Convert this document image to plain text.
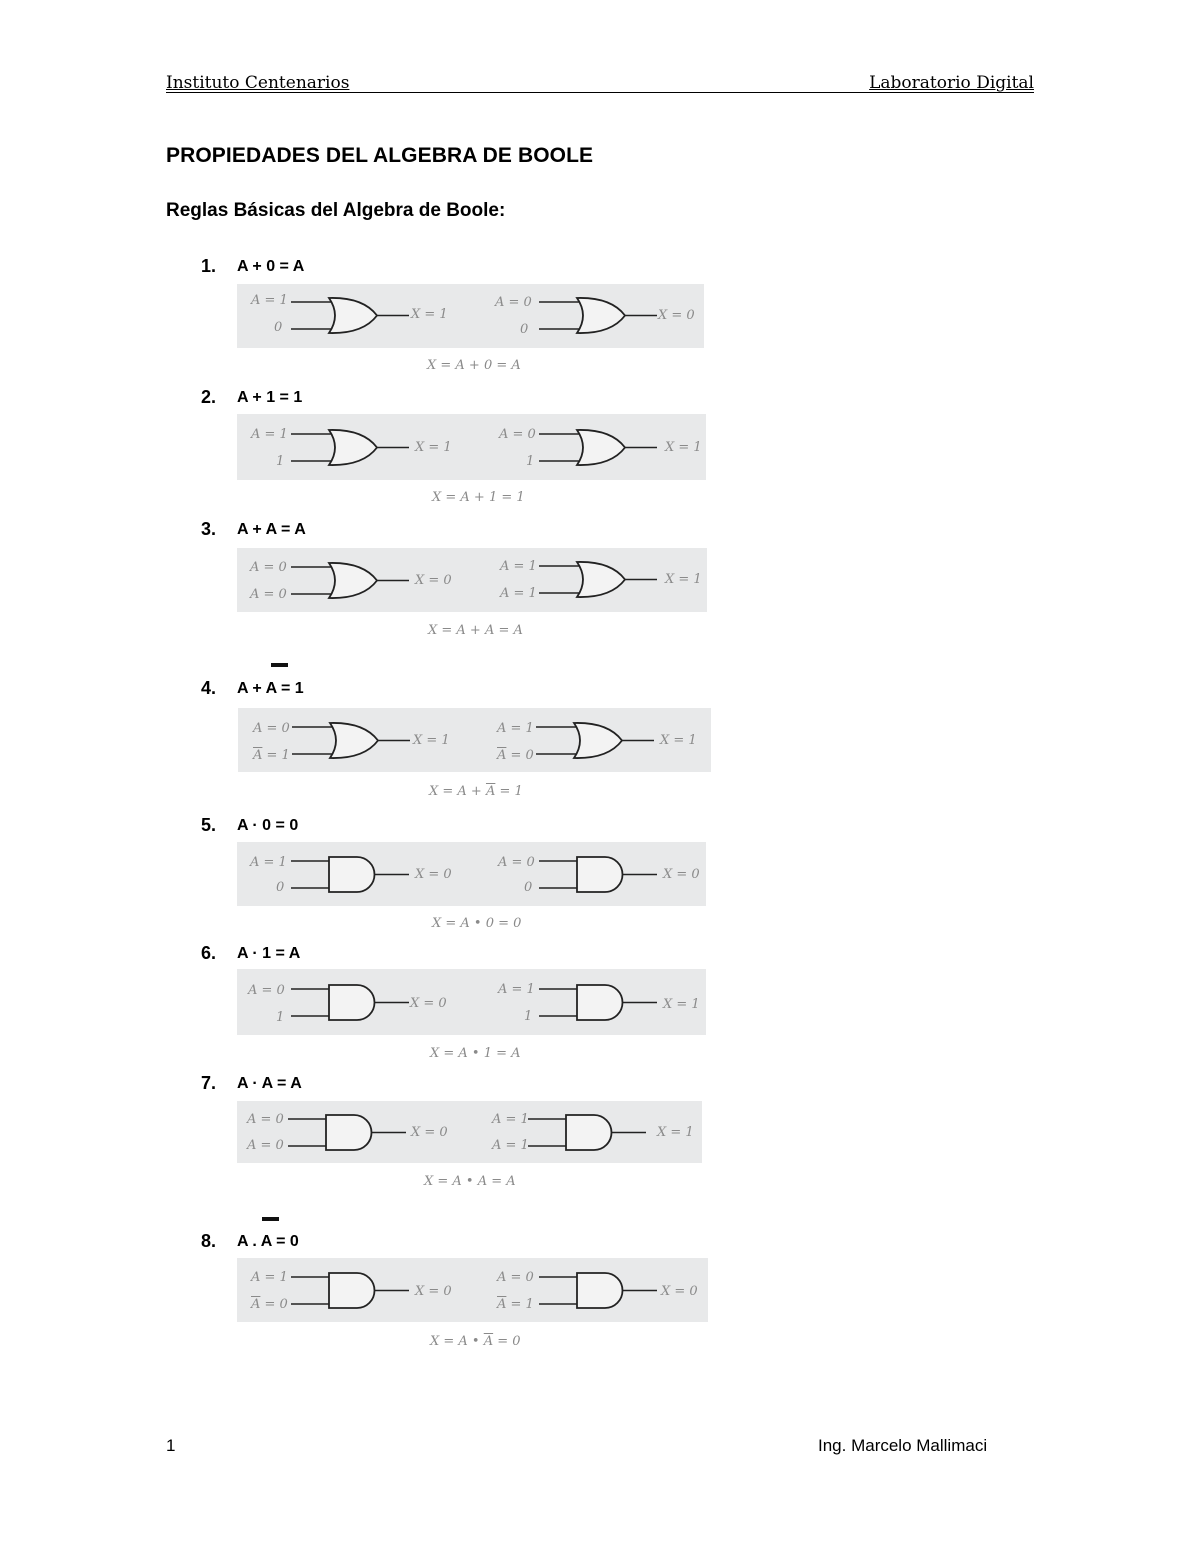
Instituto Centenarios	Laboratorio Digital
PROPIEDADES DEL ALGEBRA DE BOOLE
Reglas Básicas del Algebra de Boole:
1. A + 0 = A
A = 1
0
X = 1
A = 0
0
X = 0
X = A + 0 = A
2. A + 1 = 1
A = 1
1
X = 1
A = 0
1
X = 1
X = A + 1 = 1
3. A + A = A
A = 0
A = 0
X = 0
A = 1
A = 1
X = 1
X = A + A = A
4. A + A = 1
A = 0
$\overline{A} = 1$
X = 1
A = 1
$\overline{A} = 0$
X = 1
$X = A + \overline{A} = 1$
5. A · 0 = 0
A = 1
0
X = 0
A = 0
0
X = 0
X = A • 0 = 0
6. A · 1 = A
A = 0
1
X = 0
A = 1
1
X = 1
X = A • 1 = A
7. A · A = A
A = 0
A = 0
X = 0
A = 1
A = 1
X = 1
X = A • A = A
8. A . A = 0
A = 1
$\overline{A} = 0$
X = 0
A = 0
$\overline{A} = 1$
X = 0
X = A • $\overline{A} = 0$
1	Ing. Marcelo Mallimaci
